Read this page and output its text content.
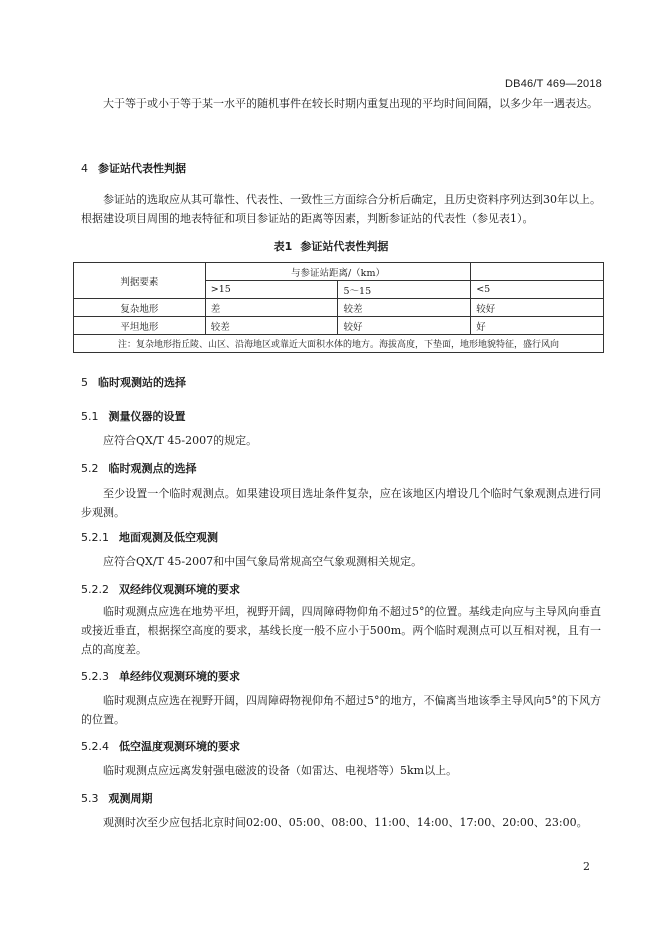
DB46/T 469—2018

大于等于或小于等于某一水平的随机事件在较长时期内重复出现的平均时间间隔，以多少年一遇表达。

4 参证站代表性判据

参证站的选取应从其可靠性、代表性、一致性三方面综合分析后确定，且历史资料序列达到30年以上。根据建设项目周围的地表特征和项目参证站的距离等因素，判断参证站的代表性（参见表1）。

表1 参证站代表性判据
判据要素	与参证站距离/（km）		
	>15	5～15	<5
复杂地形	差	较差	较好
平坦地形	较差	较好	好
注：复杂地形指丘陵、山区、沿海地区或靠近大面积水体的地方。海拔高度，下垫面，地形地貌特征，盛行风向			
5 临时观测站的选择
5.1 测量仪器的设置

应符合QX/T 45-2007的规定。

5.2 临时观测点的选择

至少设置一个临时观测点。如果建设项目选址条件复杂，应在该地区内增设几个临时气象观测点进行同步观测。

5.2.1 地面观测及低空观测

应符合QX/T 45-2007和中国气象局常规高空气象观测相关规定。

5.2.2 双经纬仪观测环境的要求

临时观测点应选在地势平坦，视野开阔，四周障碍物仰角不超过5°的位置。基线走向应与主导风向垂直或接近垂直，根据探空高度的要求，基线长度一般不应小于500m。两个临时观测点可以互相对视，且有一点的高度差。

5.2.3 单经纬仪观测环境的要求

临时观测点应选在视野开阔，四周障碍物视仰角不超过5°的地方，不偏离当地该季主导风向5°的下风方的位置。

5.2.4 低空温度观测环境的要求

临时观测点应远离发射强电磁波的设备（如雷达、电视塔等）5km以上。

5.3 观测周期

观测时次至少应包括北京时间02:00、05:00、08:00、11:00、14:00、17:00、20:00、23:00。

2
